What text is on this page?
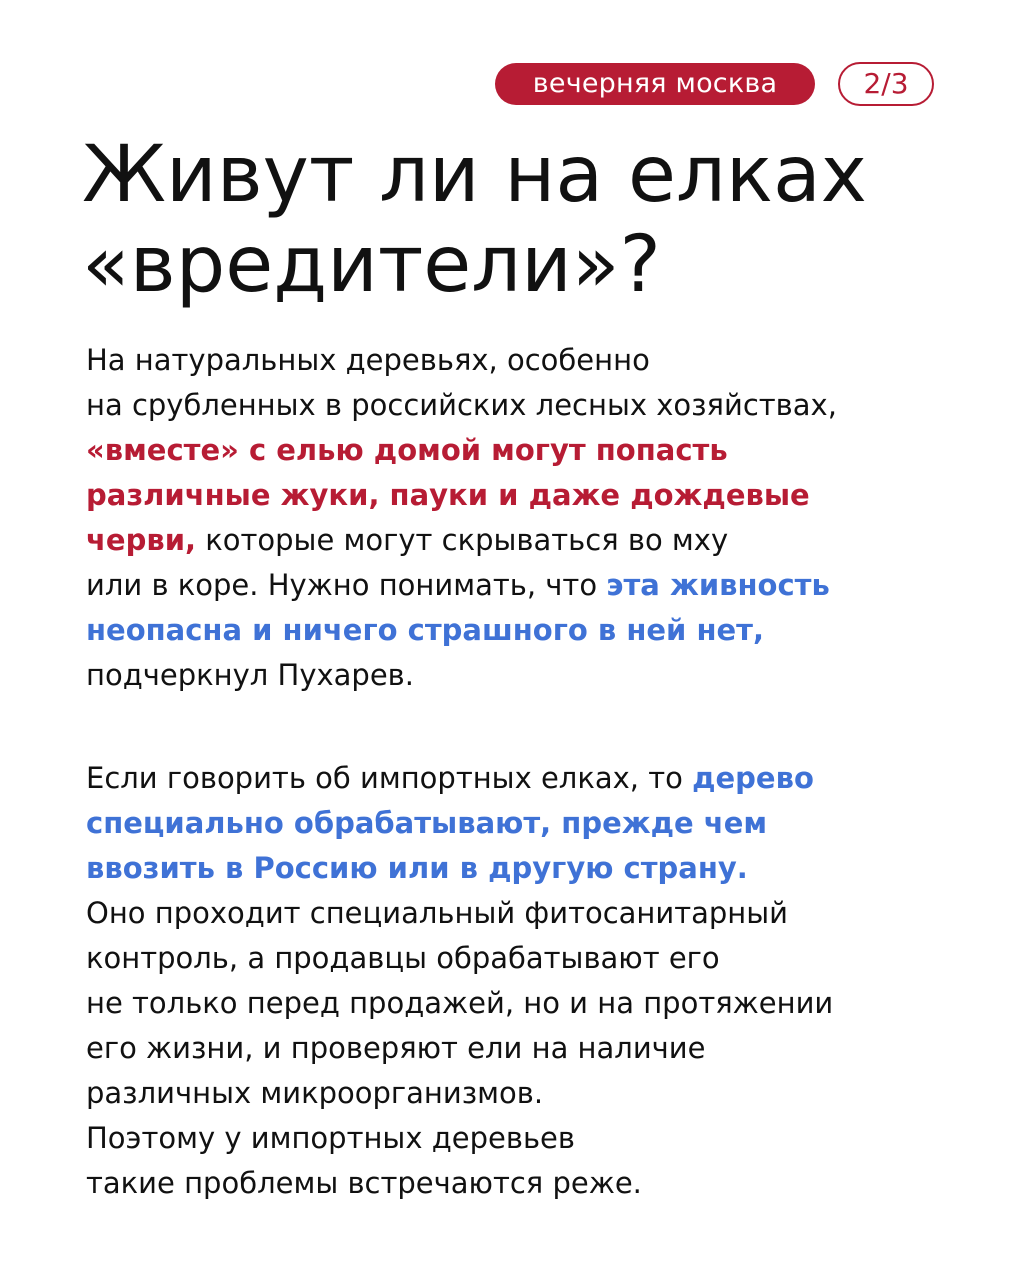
вечерняя москва	2/3
Живут ли на елках
«вредители»?
На натуральных деревьях, особенно
на срубленных в российских лесных хозяйствах,
«вместе» с елью домой могут попасть
различные жуки, пауки и даже дождевые
черви, которые могут скрываться во мху
или в коре. Нужно понимать, что эта живность
неопасна и ничего страшного в ней нет,
подчеркнул Пухарев.
Если говорить об импортных елках, то дерево
специально обрабатывают, прежде чем
ввозить в Россию или в другую страну.
Оно проходит специальный фитосанитарный
контроль, а продавцы обрабатывают его
не только перед продажей, но и на протяжении
его жизни, и проверяют ели на наличие
различных микроорганизмов.
Поэтому у импортных деревьев
такие проблемы встречаются реже.
